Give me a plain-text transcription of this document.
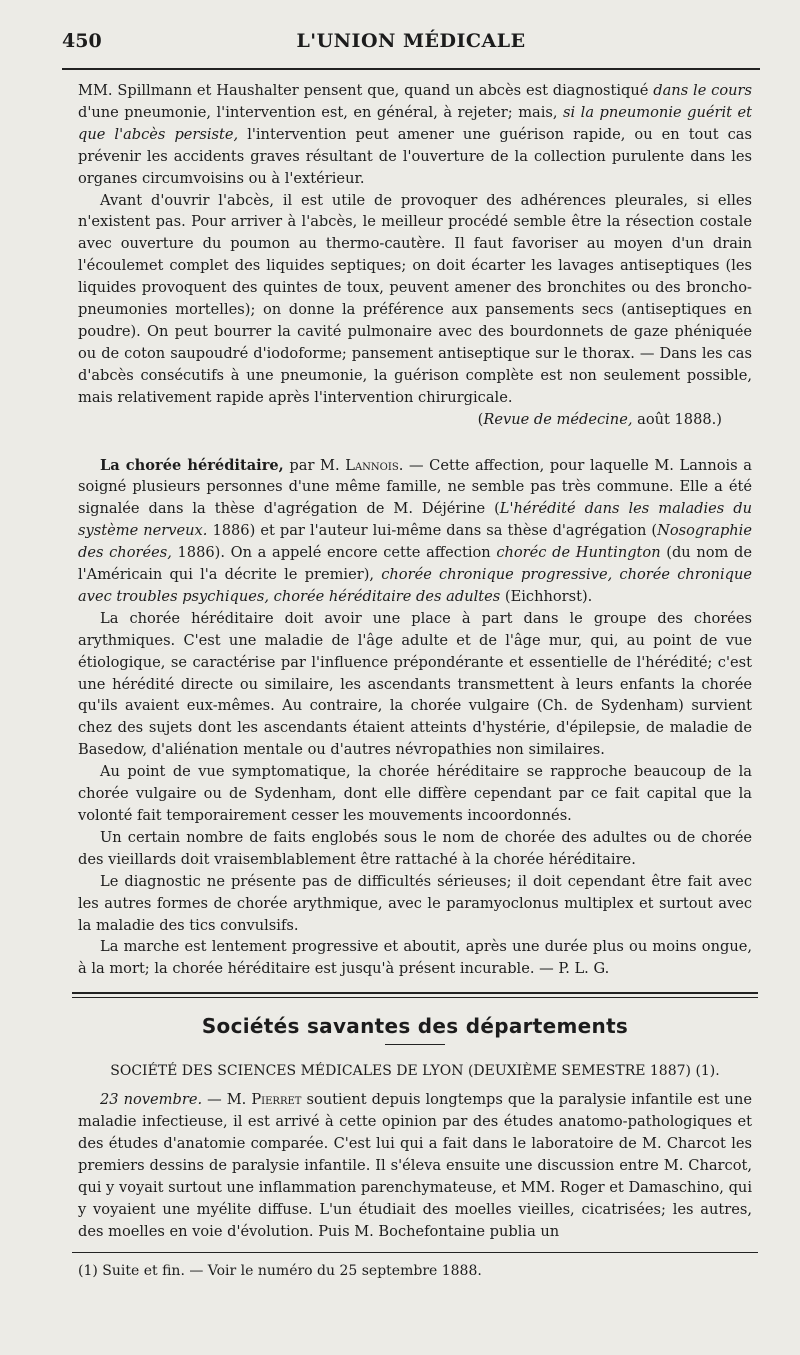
450	L'UNION MÉDICALE

MM. Spillmann et Haushalter pensent que, quand un abcès est diagnostiqué dans le cours d'une pneumonie, l'intervention est, en général, à rejeter; mais, si la pneumonie guérit et que l'abcès persiste, l'intervention peut amener une guérison rapide, ou en tout cas prévenir les accidents graves résultant de l'ouverture de la collection purulente dans les organes circumvoisins ou à l'extérieur.

Avant d'ouvrir l'abcès, il est utile de provoquer des adhérences pleurales, si elles n'existent pas. Pour arriver à l'abcès, le meilleur procédé semble être la résection costale avec ouverture du poumon au thermo-cautère. Il faut favoriser au moyen d'un drain l'écoulemet complet des liquides septiques; on doit écarter les lavages antiseptiques (les liquides provoquent des quintes de toux, peuvent amener des bronchites ou des broncho-pneumonies mortelles); on donne la préférence aux pansements secs (antiseptiques en poudre). On peut bourrer la cavité pulmonaire avec des bourdonnets de gaze phéniquée ou de coton saupoudré d'iodoforme; pansement antiseptique sur le thorax. — Dans les cas d'abcès consécutifs à une pneumonie, la guérison complète est non seulement possible, mais relativement rapide après l'intervention chirurgicale.

(Revue de médecine, août 1888.)

La chorée héréditaire, par M. Lannois. — Cette affection, pour laquelle M. Lannois a soigné plusieurs personnes d'une même famille, ne semble pas très commune. Elle a été signalée dans la thèse d'agrégation de M. Déjérine (L'hérédité dans les maladies du système nerveux. 1886) et par l'auteur lui-même dans sa thèse d'agrégation (Nosographie des chorées, 1886). On a appelé encore cette affection choréc de Huntington (du nom de l'Américain qui l'a décrite le premier), chorée chronique progressive, chorée chronique avec troubles psychiques, chorée héréditaire des adultes (Eichhorst).

La chorée héréditaire doit avoir une place à part dans le groupe des chorées arythmiques. C'est une maladie de l'âge adulte et de l'âge mur, qui, au point de vue étiologique, se caractérise par l'influence prépondérante et essentielle de l'hérédité; c'est une hérédité directe ou similaire, les ascendants transmettent à leurs enfants la chorée qu'ils avaient eux-mêmes. Au contraire, la chorée vulgaire (Ch. de Sydenham) survient chez des sujets dont les ascendants étaient atteints d'hystérie, d'épilepsie, de maladie de Basedow, d'aliénation mentale ou d'autres névropathies non similaires.

Au point de vue symptomatique, la chorée héréditaire se rapproche beaucoup de la chorée vulgaire ou de Sydenham, dont elle diffère cependant par ce fait capital que la volonté fait temporairement cesser les mouvements incoordonnés.

Un certain nombre de faits englobés sous le nom de chorée des adultes ou de chorée des vieillards doit vraisemblablement être rattaché à la chorée héréditaire.

Le diagnostic ne présente pas de difficultés sérieuses; il doit cependant être fait avec les autres formes de chorée arythmique, avec le paramyoclonus multiplex et surtout avec la maladie des tics convulsifs.

La marche est lentement progressive et aboutit, après une durée plus ou moins ongue, à la mort; la chorée héréditaire est jusqu'à présent incurable. — P. L. G.

Sociétés savantes des départements

SOCIÉTÉ DES SCIENCES MÉDICALES DE LYON (DEUXIÈME SEMESTRE 1887) (1).

23 novembre. — M. Pierret soutient depuis longtemps que la paralysie infantile est une maladie infectieuse, il est arrivé à cette opinion par des études anatomo-pathologiques et des études d'anatomie comparée. C'est lui qui a fait dans le laboratoire de M. Charcot les premiers dessins de paralysie infantile. Il s'éleva ensuite une discussion entre M. Charcot, qui y voyait surtout une inflammation parenchymateuse, et MM. Roger et Damaschino, qui y voyaient une myélite diffuse. L'un étudiait des moelles vieilles, cicatrisées; les autres, des moelles en voie d'évolution. Puis M. Bochefontaine publia un

(1) Suite et fin. — Voir le numéro du 25 septembre 1888.
